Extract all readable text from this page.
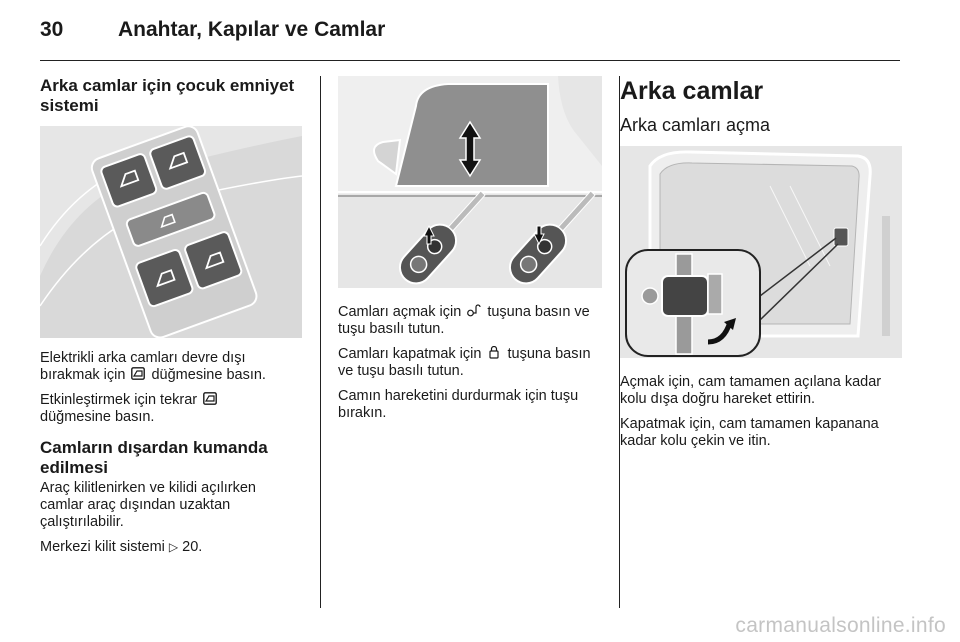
30	Anahtar, Kapılar ve Camlar
Arka camlar için çocuk emniyet sistemi

Elektrikli arka camları devre dışı bırakmak için düğmesine basın.

Etkinleştirmek için tekrar
düğmesine basın.

Camların dışardan kumanda edilmesi

Araç kilitlenirken ve kilidi açılırken camlar araç dışından uzaktan çalıştırılabilir.

Merkezi kilit sistemi ▷ 20.

Camları açmak için tuşuna basın ve tuşu basılı tutun.

Camları kapatmak için tuşuna basın ve tuşu basılı tutun.

Camın hareketini durdurmak için tuşu bırakın.

Arka camlar
Arka camları açma

Açmak için, cam tamamen açılana kadar kolu dışa doğru hareket ettirin.

Kapatmak için, cam tamamen kapanana kadar kolu çekin ve itin.

carmanualsonline.info
